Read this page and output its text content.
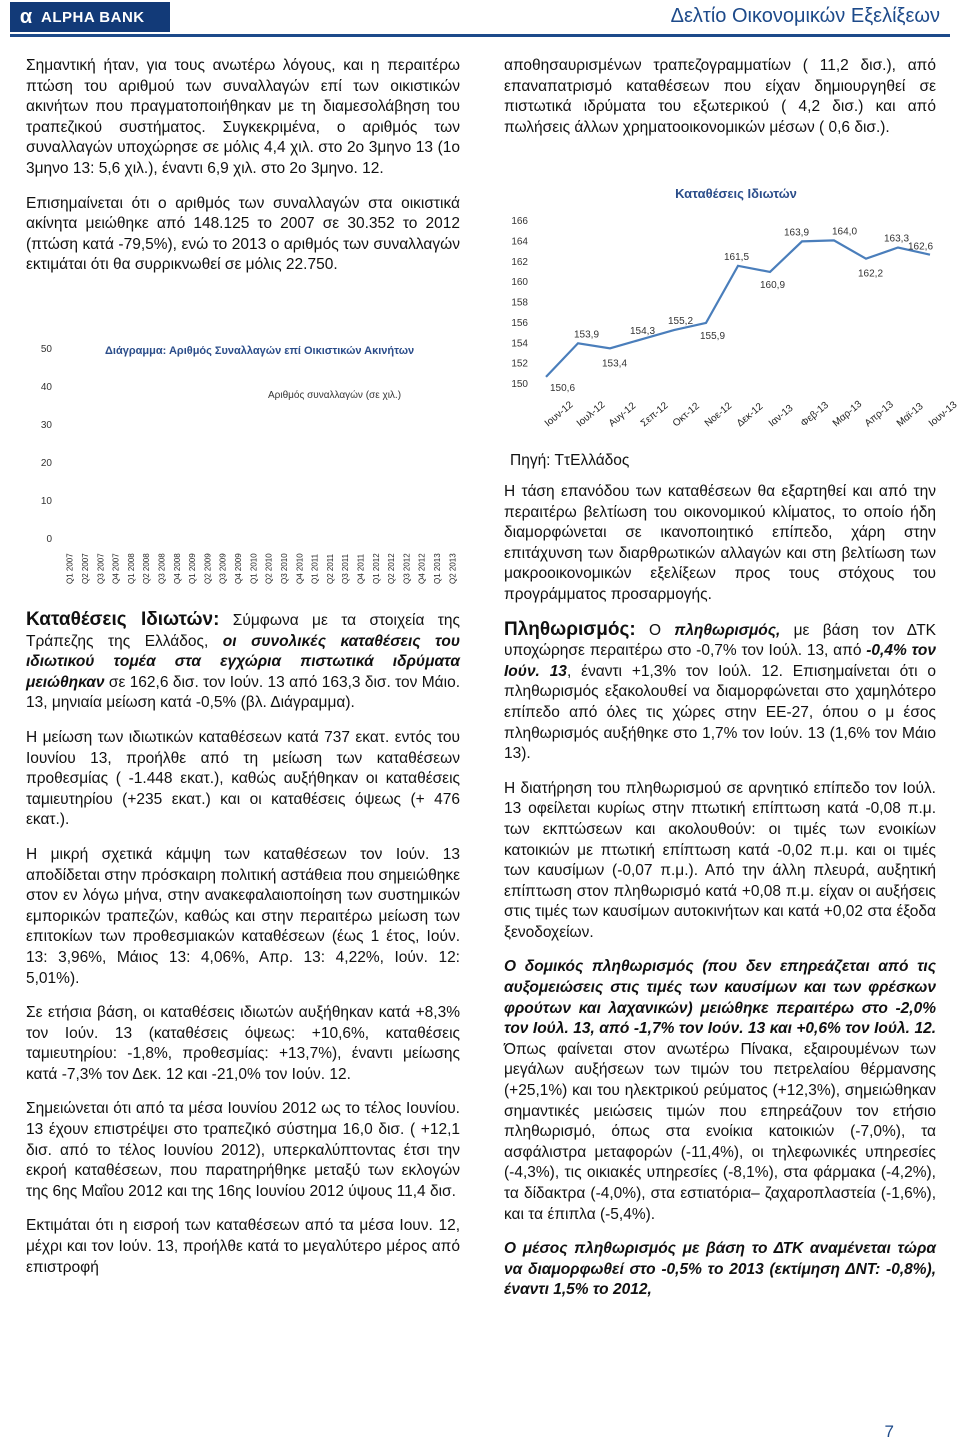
α ALPHA BANK	Δελτίο Οικονομικών Εξελίξεων

Σημαντική ήταν, για τους ανωτέρω λόγους, και η περαιτέρω πτώση του αριθμού των συναλλαγών επί των οικιστικών ακινήτων που πραγματοποιήθηκαν με τη διαμεσολάβηση του τραπεζικού συστήματος. Συγκεκριμένα, ο αριθμός των συναλλαγών υποχώρησε σε μόλις 4,4 χιλ. στο 2ο 3μηνο 13 (1ο 3μηνο 13: 5,6 χιλ.), έναντι 6,9 χιλ. στο 2ο 3μηνο. 12.

Επισημαίνεται ότι ο αριθμός των συναλλαγών στα οικιστικά ακίνητα μειώθηκε από 148.125 το 2007 σε 30.352 το 2012 (πτώση κατά -79,5%), ενώ το 2013 ο αριθμός των συναλλαγών εκτιμάται ότι θα συρρικνωθεί σε μόλις 22.750.

Διάγραμμα: Αριθμός Συναλλαγών επί Οικιστικών Ακινήτων
Αριθμός συναλλαγών (σε χιλ.)
0
10
20
30
40
50
Q1 2007 Q2 2007 Q3 2007 Q4 2007 Q1 2008 Q2 2008 Q3 2008 Q4 2008 Q1 2009 Q2 2009 Q3 2009 Q4 2009 Q1 2010 Q2 2010 Q3 2010 Q4 2010 Q1 2011 Q2 2011 Q3 2011 Q4 2011 Q1 2012 Q2 2012 Q3 2012 Q4 2012 Q1 2013 Q2 2013

Καταθέσεις Ιδιωτών: Σύμφωνα με τα στοιχεία της Τράπεζης της Ελλάδος, οι συνολικές καταθέσεις του ιδιωτικού τομέα στα εγχώρια πιστωτικά ιδρύματα μειώθηκαν σε 162,6 δισ. τον Ιούν. 13 από 163,3 δισ. τον Μάιο. 13, μηνιαία μείωση κατά -0,5% (βλ. Διάγραμμα).

Η μείωση των ιδιωτικών καταθέσεων κατά 737 εκατ. εντός του Ιουνίου 13, προήλθε από τη μείωση των καταθέσεων προθεσμίας ( -1.448 εκατ.), καθώς αυξήθηκαν οι καταθέσεις ταμιευτηρίου (+235 εκατ.) και οι καταθέσεις όψεως (+ 476 εκατ.).

Η μικρή σχετικά κάμψη των καταθέσεων τον Ιούν. 13 αποδίδεται στην πρόσκαιρη πολιτική αστάθεια που σημειώθηκε στον εν λόγω μήνα, στην ανακεφαλαιοποίηση των συστημικών εμπορικών τραπεζών, καθώς και στην περαιτέρω μείωση των επιτοκίων των προθεσμιακών καταθέσεων (έως 1 έτος, Ιούν. 13: 3,96%, Μάιος 13: 4,06%, Απρ. 13: 4,22%, Ιούν. 12: 5,01%).

Σε ετήσια βάση, οι καταθέσεις ιδιωτών αυξήθηκαν κατά +8,3% τον Ιούν. 13 (καταθέσεις όψεως: +10,6%, καταθέσεις ταμιευτηρίου: -1,8%, προθεσμίας: +13,7%), έναντι μείωσης κατά -7,3% τον Δεκ. 12 και -21,0% τον Ιούν. 12.

Σημειώνεται ότι από τα μέσα Ιουνίου 2012 ως το τέλος Ιουνίου. 13 έχουν επιστρέψει στο τραπεζικό σύστημα 16,0 δισ. ( +12,1 δισ. από το τέλος Ιουνίου 2012), υπερκαλύπτοντας έτσι την εκροή καταθέσεων, που παρατηρήθηκε μεταξύ των εκλογών της 6ης Μαΐου 2012 και της 16ης Ιουνίου 2012 ύψους 11,4 δισ.

Εκτιμάται ότι η εισροή των καταθέσεων από τα μέσα Ιουν. 12, μέχρι και τον Ιούν. 13, προήλθε κατά το μεγαλύτερο μέρος από επιστροφή

αποθησαυρισμένων τραπεζογραμματίων ( 11,2 δισ.), από επαναπατρισμό καταθέσεων που είχαν δημιουργηθεί σε πιστωτικά ιδρύματα του εξωτερικού ( 4,2 δισ.) και από πωλήσεις άλλων χρηματοοικονομικών μέσων ( 0,6 δισ.).

Καταθέσεις Ιδιωτών
150
152
154
156
158
160
162
164
166
150,6
153,9
153,4
154,3
155,2
155,9
161,5
160,9
163,9 164,0
162,2
163,3
162,6
Ιουν-12 Ιουλ-12 Αυγ-12 Σεπ-12 Οκτ-12 Νοε-12 Δεκ-12 Ιαν-13 Φεβ-13 Μαρ-13
Απρ-13 Μαϊ-13 Ιουν-13
Πηγή: ΤτΕλλάδος

Η τάση επανόδου των καταθέσεων θα εξαρτηθεί και από την περαιτέρω βελτίωση του οικονομικού κλίματος, το οποίο ήδη διαμορφώνεται σε ικανοποιητικό επίπεδο, χάρη στην επιτάχυνση των διαρθρωτικών αλλαγών και στη βελτίωση των μακροοικονομικών εξελίξεων προς τους στόχους του προγράμματος προσαρμογής.

Πληθωρισμός: Ο πληθωρισμός, με βάση τον ΔΤΚ υποχώρησε περαιτέρω στο -0,7% τον Ιούλ. 13, από -0,4% τον Ιούν. 13, έναντι +1,3% τον Ιούλ. 12. Επισημαίνεται ότι ο πληθωρισμός εξακολουθεί να διαμορφώνεται στο χαμηλότερο επίπεδο από όλες τις χώρες στην ΕΕ-27, όπου ο μ έσος πληθωρισμός αυξήθηκε στο 1,7% τον Ιούν. 13 (1,6% τον Μάιο 13).

Η διατήρηση του πληθωρισμού σε αρνητικό επίπεδο τον Ιούλ. 13 οφείλεται κυρίως στην πτωτική επίπτωση κατά -0,08 π.μ. των εκπτώσεων και ακολουθούν: οι τιμές των ενοικίων κατοικιών με πτωτική επίπτωση κατά -0,02 π.μ. και οι τιμές των καυσίμων (-0,07 π.μ.). Από την άλλη πλευρά, αυξητική επίπτωση στον πληθωρισμό κατά +0,08 π.μ. είχαν οι αυξήσεις στις τιμές των καυσίμων αυτοκινήτων και κατά +0,02 στα έξοδα ξενοδοχείων.

Ο δομικός πληθωρισμός (που δεν επηρεάζεται από τις αυξομειώσεις στις τιμές των καυσίμων και των φρέσκων φρούτων και λαχανικών) μειώθηκε περαιτέρω στο -2,0% τον Ιούλ. 13, από -1,7% τον Ιούν. 13 και +0,6% τον Ιούλ. 12. Όπως φαίνεται στον ανωτέρω Πίνακα, εξαιρουμένων των μεγάλων αυξήσεων των τιμών του πετρελαίου θέρμανσης (+25,1%) και του ηλεκτρικού ρεύματος (+12,3%), σημειώθηκαν σημαντικές μειώσεις τιμών που επηρεάζουν τον ετήσιο πληθωρισμό, όπως στα ενοίκια κατοικιών (-7,0%), τα ασφάλιστρα μεταφορών (-11,4%), οι τηλεφωνικές υπηρεσίες (-4,3%), τις οικιακές υπηρεσίες (-8,1%), στα φάρμακα (-4,2%), τα δίδακτρα (-4,0%), στα εστιατόρια– ζαχαροπλαστεία (-1,6%), και τα έπιπλα (-5,4%).

Ο μέσος πληθωρισμός με βάση το ΔΤΚ αναμένεται τώρα να διαμορφωθεί στο -0,5% το 2013 (εκτίμηση ΔΝΤ: -0,8%), έναντι 1,5% το 2012,

7
